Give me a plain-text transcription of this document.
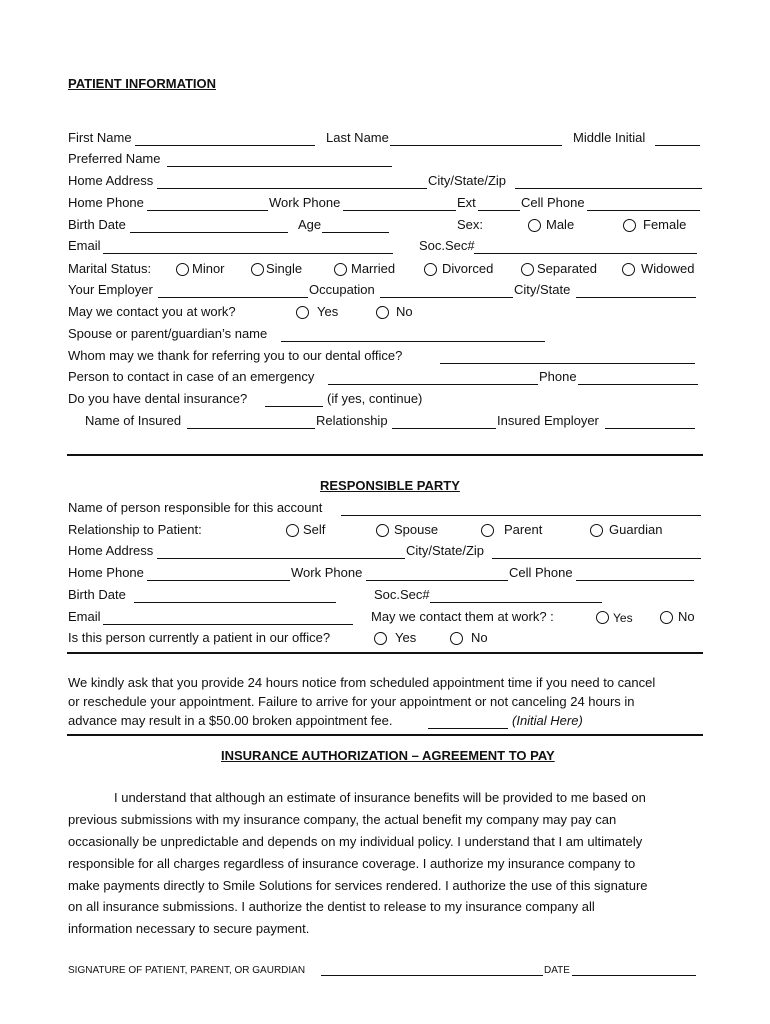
PATIENT INFORMATION
First Name	Last Name	Middle Initial
Preferred Name
Home Address	City/State/Zip
Home Phone	Work Phone	Ext	Cell Phone
Birth Date	Age	Sex:	Male	Female
Email	Soc.Sec#
Marital Status:	Minor	Single	Married	Divorced	Separated	Widowed
Your Employer	Occupation	City/State
May we contact you at work?	Yes	No
Spouse or parent/guardian’s name
Whom may we thank for referring you to our dental office?
Person to contact in case of an emergency	Phone
Do you have dental insurance?	(if yes, continue)
Name of Insured	Relationship	Insured Employer
RESPONSIBLE PARTY
Name of person responsible for this account
Relationship to Patient:	Self	Spouse	Parent	Guardian
Home Address	City/State/Zip
Home Phone	Work Phone	Cell Phone
Birth Date	Soc.Sec#
Email	May we contact them at work? :	Yes	No
Is this person currently a patient in our office?	Yes	No
We kindly ask that you provide 24 hours notice from scheduled appointment time if you need to cancel
or reschedule your appointment. Failure to arrive for your appointment or not canceling 24 hours in
advance may result in a $50.00 broken appointment fee.	(Initial Here)
INSURANCE AUTHORIZATION – AGREEMENT TO PAY
I understand that although an estimate of insurance benefits will be provided to me based on
previous submissions with my insurance company, the actual benefit my company may pay can
occasionally be unpredictable and depends on my individual policy. I understand that I am ultimately
responsible for all charges regardless of insurance coverage. I authorize my insurance company to
make payments directly to Smile Solutions for services rendered. I authorize the use of this signature
on all insurance submissions. I authorize the dentist to release to my insurance company all
information necessary to secure payment.
SIGNATURE OF PATIENT, PARENT, OR GAURDIAN	DATE
